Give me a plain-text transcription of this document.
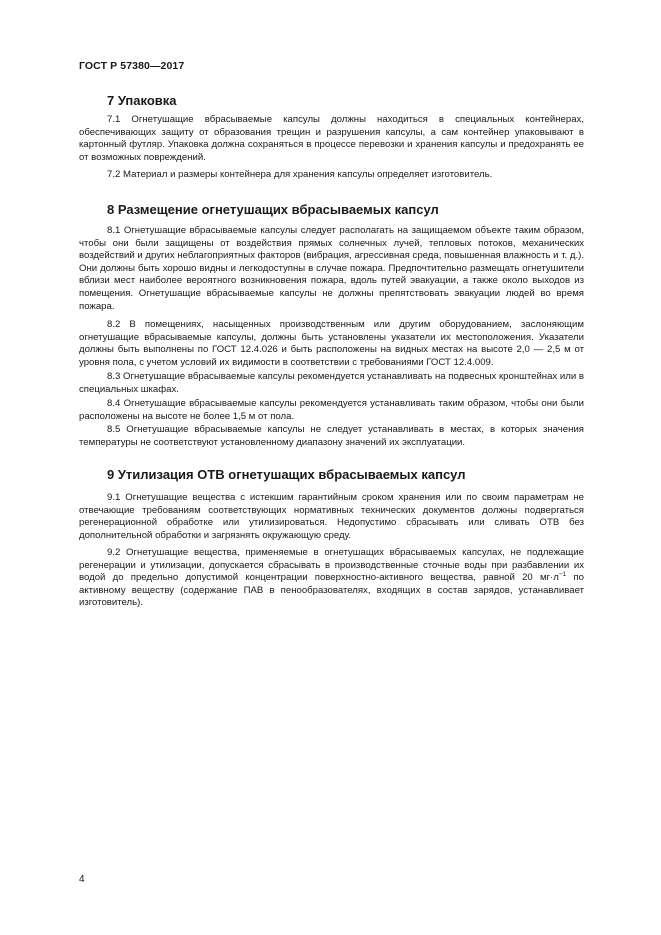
ГОСТ Р 57380—2017
7 Упаковка
7.1 Огнетушащие вбрасываемые капсулы должны находиться в специальных контейнерах, обеспечивающих защиту от образования трещин и разрушения капсулы, а сам контейнер упаковывают в картонный футляр. Упаковка должна сохраняться в процессе перевозки и хранения капсулы и предохранять ее от возможных повреждений.
7.2 Материал и размеры контейнера для хранения капсулы определяет изготовитель.
8 Размещение огнетушащих вбрасываемых капсул
8.1 Огнетушащие вбрасываемые капсулы следует располагать на защищаемом объекте таким образом, чтобы они были защищены от воздействия прямых солнечных лучей, тепловых потоков, механических воздействий и других неблагоприятных факторов (вибрация, агрессивная среда, повышенная влажность и т. д.). Они должны быть хорошо видны и легкодоступны в случае пожара. Предпочтительно размещать огнетушители вблизи мест наиболее вероятного возникновения пожара, вдоль путей эвакуации, а также около выходов из помещения. Огнетушащие вбрасываемые капсулы не должны препятствовать эвакуации людей во время пожара.
8.2 В помещениях, насыщенных производственным или другим оборудованием, заслоняющим огнетушащие вбрасываемые капсулы, должны быть установлены указатели их местоположения. Указатели должны быть выполнены по ГОСТ 12.4.026 и быть расположены на видных местах на высоте 2,0 — 2,5 м от уровня пола, с учетом условий их видимости в соответствии с требованиями ГОСТ 12.4.009.
8.3 Огнетушащие вбрасываемые капсулы рекомендуется устанавливать на подвесных кронштейнах или в специальных шкафах.
8.4 Огнетушащие вбрасываемые капсулы рекомендуется устанавливать таким образом, чтобы они были расположены на высоте не более 1,5 м от пола.
8.5 Огнетушащие вбрасываемые капсулы не следует устанавливать в местах, в которых значения температуры не соответствуют установленному диапазону значений их эксплуатации.
9 Утилизация ОТВ огнетушащих вбрасываемых капсул
9.1 Огнетушащие вещества с истекшим гарантийным сроком хранения или по своим параметрам не отвечающие требованиям соответствующих нормативных технических документов должны подвергаться регенерационной обработке или утилизироваться. Недопустимо сбрасывать или сливать ОТВ без дополнительной обработки и загрязнять окружающую среду.
9.2 Огнетушащие вещества, применяемые в огнетушащих вбрасываемых капсулах, не подлежащие регенерации и утилизации, допускается сбрасывать в производственные сточные воды при разбавлении их водой до предельно допустимой концентрации поверхностно-активного вещества, равной 20 $мг\cdot л^{-1}$ по активному веществу (содержание ПАВ в пенообразователях, входящих в состав зарядов, устанавливает изготовитель).
4
